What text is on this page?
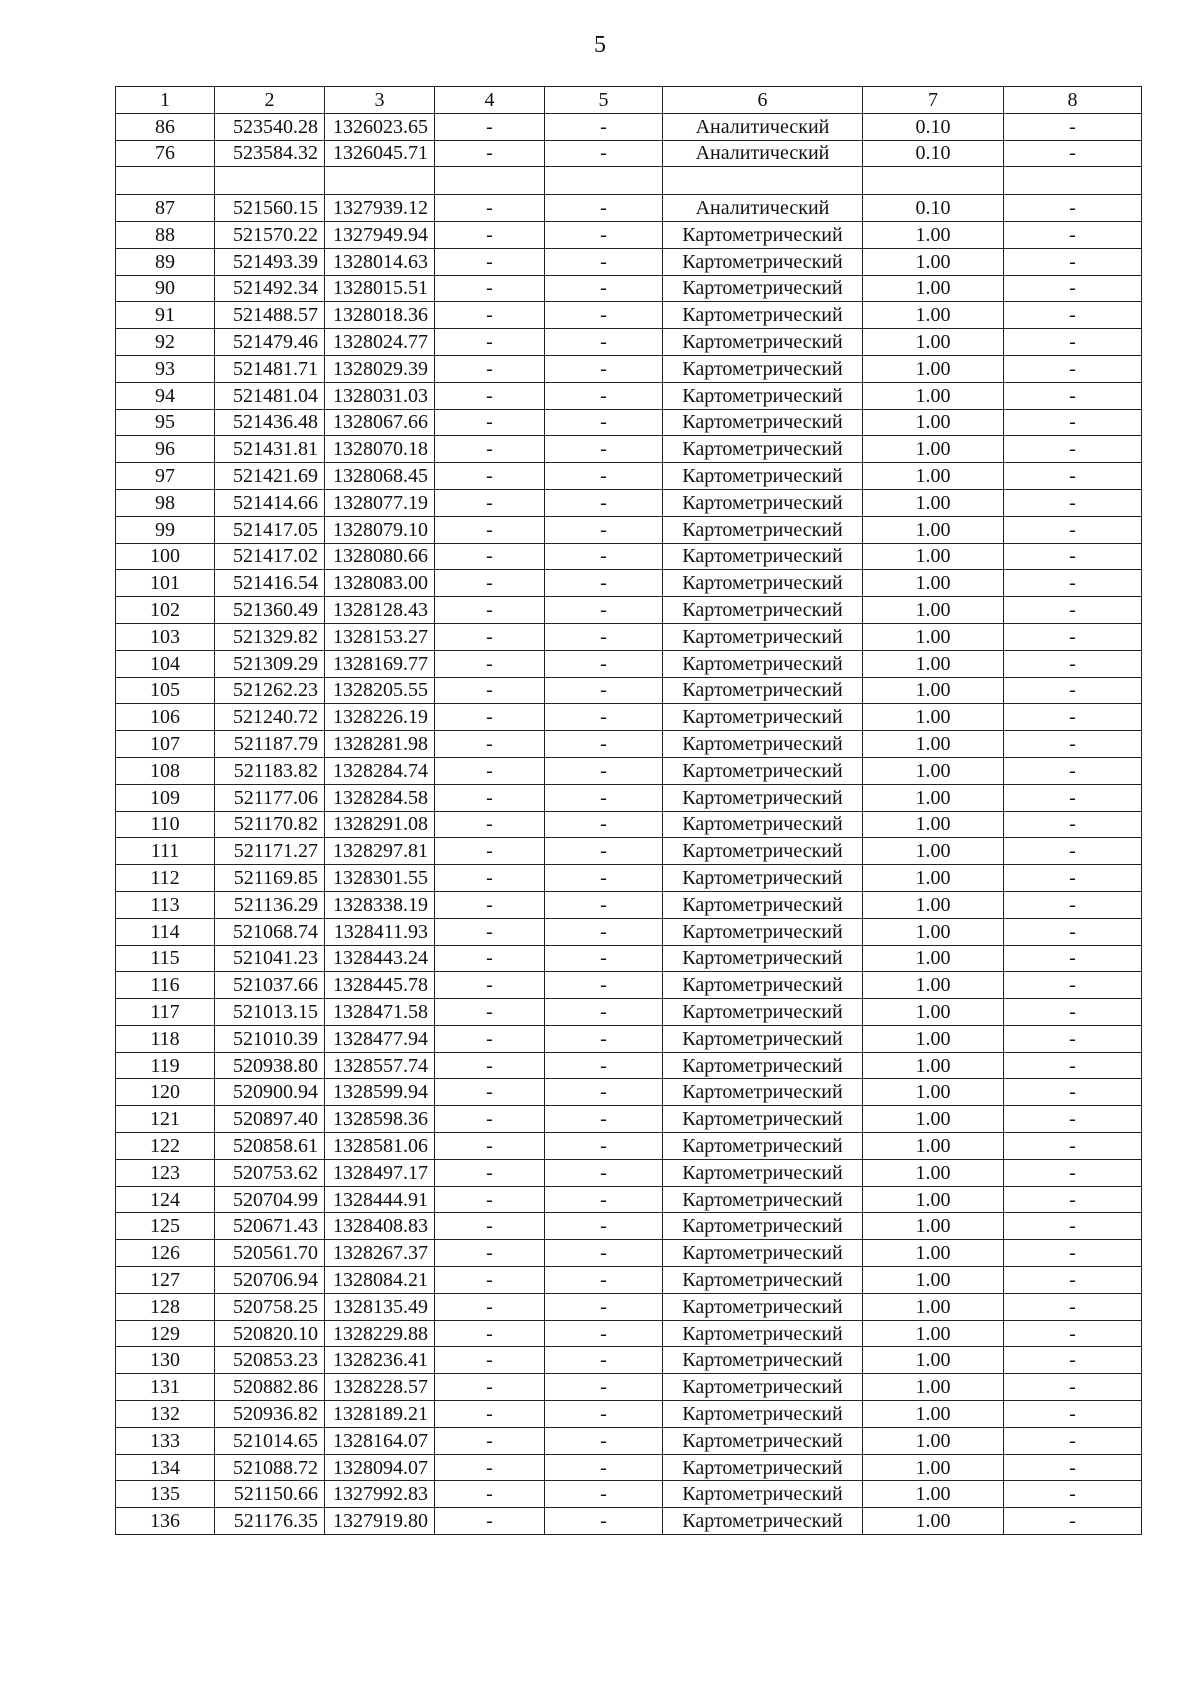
5
1	2	3	4	5	6	7	8
86	523540.28	1326023.65	-	-	Аналитический	0.10	-
76	523584.32	1326045.71	-	-	Аналитический	0.10	-

87	521560.15	1327939.12	-	-	Аналитический	0.10	-
88	521570.22	1327949.94	-	-	Картометрический	1.00	-
89	521493.39	1328014.63	-	-	Картометрический	1.00	-
90	521492.34	1328015.51	-	-	Картометрический	1.00	-
91	521488.57	1328018.36	-	-	Картометрический	1.00	-
92	521479.46	1328024.77	-	-	Картометрический	1.00	-
93	521481.71	1328029.39	-	-	Картометрический	1.00	-
94	521481.04	1328031.03	-	-	Картометрический	1.00	-
95	521436.48	1328067.66	-	-	Картометрический	1.00	-
96	521431.81	1328070.18	-	-	Картометрический	1.00	-
97	521421.69	1328068.45	-	-	Картометрический	1.00	-
98	521414.66	1328077.19	-	-	Картометрический	1.00	-
99	521417.05	1328079.10	-	-	Картометрический	1.00	-
100	521417.02	1328080.66	-	-	Картометрический	1.00	-
101	521416.54	1328083.00	-	-	Картометрический	1.00	-
102	521360.49	1328128.43	-	-	Картометрический	1.00	-
103	521329.82	1328153.27	-	-	Картометрический	1.00	-
104	521309.29	1328169.77	-	-	Картометрический	1.00	-
105	521262.23	1328205.55	-	-	Картометрический	1.00	-
106	521240.72	1328226.19	-	-	Картометрический	1.00	-
107	521187.79	1328281.98	-	-	Картометрический	1.00	-
108	521183.82	1328284.74	-	-	Картометрический	1.00	-
109	521177.06	1328284.58	-	-	Картометрический	1.00	-
110	521170.82	1328291.08	-	-	Картометрический	1.00	-
111	521171.27	1328297.81	-	-	Картометрический	1.00	-
112	521169.85	1328301.55	-	-	Картометрический	1.00	-
113	521136.29	1328338.19	-	-	Картометрический	1.00	-
114	521068.74	1328411.93	-	-	Картометрический	1.00	-
115	521041.23	1328443.24	-	-	Картометрический	1.00	-
116	521037.66	1328445.78	-	-	Картометрический	1.00	-
117	521013.15	1328471.58	-	-	Картометрический	1.00	-
118	521010.39	1328477.94	-	-	Картометрический	1.00	-
119	520938.80	1328557.74	-	-	Картометрический	1.00	-
120	520900.94	1328599.94	-	-	Картометрический	1.00	-
121	520897.40	1328598.36	-	-	Картометрический	1.00	-
122	520858.61	1328581.06	-	-	Картометрический	1.00	-
123	520753.62	1328497.17	-	-	Картометрический	1.00	-
124	520704.99	1328444.91	-	-	Картометрический	1.00	-
125	520671.43	1328408.83	-	-	Картометрический	1.00	-
126	520561.70	1328267.37	-	-	Картометрический	1.00	-
127	520706.94	1328084.21	-	-	Картометрический	1.00	-
128	520758.25	1328135.49	-	-	Картометрический	1.00	-
129	520820.10	1328229.88	-	-	Картометрический	1.00	-
130	520853.23	1328236.41	-	-	Картометрический	1.00	-
131	520882.86	1328228.57	-	-	Картометрический	1.00	-
132	520936.82	1328189.21	-	-	Картометрический	1.00	-
133	521014.65	1328164.07	-	-	Картометрический	1.00	-
134	521088.72	1328094.07	-	-	Картометрический	1.00	-
135	521150.66	1327992.83	-	-	Картометрический	1.00	-
136	521176.35	1327919.80	-	-	Картометрический	1.00	-
